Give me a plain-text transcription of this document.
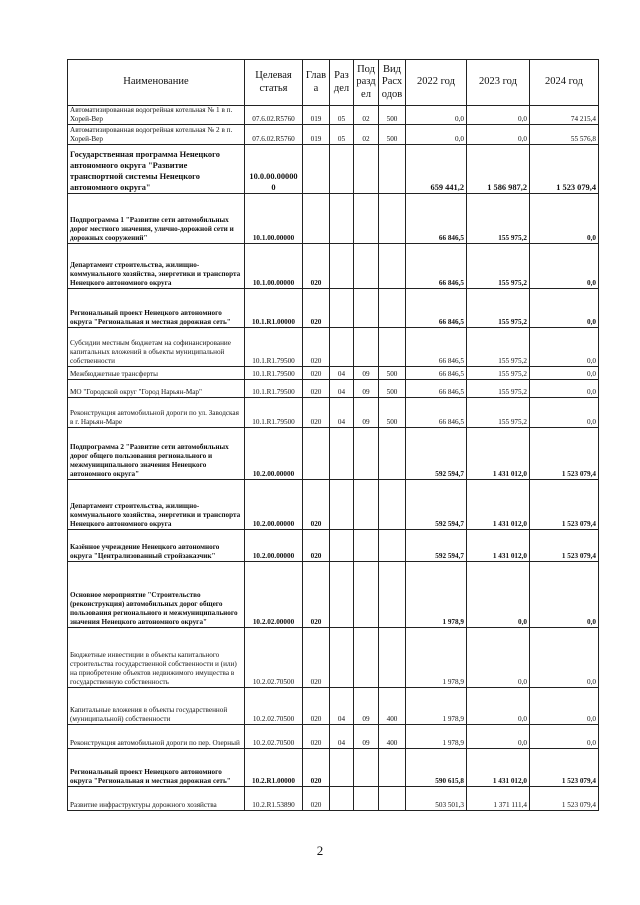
Наименование	Целевая статья	Глав а	Раз дел	Под разд ел	Вид Расх одов	2022 год	2023 год	2024 год
Автоматизированная водогрейная котельная № 1 в п. Хорей-Вер	07.6.02.R5760	019	05	02	500	0,0	0,0	74 215,4
Автоматизированная водогрейная котельная № 2 в п. Хорей-Вер	07.6.02.R5760	019	05	02	500	0,0	0,0	55 576,8
Государственная программа Ненецкого автономного округа "Развитие транспортной системы Ненецкого автономного округа"	10.0.00.00000 0					659 441,2	1 586 987,2	1 523 079,4
Подпрограмма 1 "Развитие сети автомобильных дорог местного значения, улично-дорожной сети и дорожных сооружений"	10.1.00.00000					66 846,5	155 975,2	0,0
Департамент строительства, жилищно-коммунального хозяйства, энергетики и транспорта Ненецкого автономного округа	10.1.00.00000	020				66 846,5	155 975,2	0,0
Региональный проект Ненецкого автономного округа "Региональная и местная дорожная сеть"	10.1.R1.00000	020				66 846,5	155 975,2	0,0
Субсидии местным бюджетам на софинансирование капитальных вложений в объекты муниципальной собственности	10.1.R1.79500	020				66 846,5	155 975,2	0,0
Межбюджетные трансферты	10.1.R1.79500	020	04	09	500	66 846,5	155 975,2	0,0
МО "Городской округ "Город Нарьян-Мар"	10.1.R1.79500	020	04	09	500	66 846,5	155 975,2	0,0
Реконструкция автомобильной дороги по ул. Заводская в г. Нарьян-Маре	10.1.R1.79500	020	04	09	500	66 846,5	155 975,2	0,0
Подпрограмма 2 "Развитие сети автомобильных дорог общего пользования регионального и межмуниципального значения Ненецкого автономного округа"	10.2.00.00000					592 594,7	1 431 012,0	1 523 079,4
Департамент строительства, жилищно-коммунального хозяйства, энергетики и транспорта Ненецкого автономного округа	10.2.00.00000	020				592 594,7	1 431 012,0	1 523 079,4
Казённое учреждение Ненецкого автономного округа "Централизованный стройзаказчик"	10.2.00.00000	020				592 594,7	1 431 012,0	1 523 079,4
Основное мероприятие "Строительство (реконструкция) автомобильных дорог общего пользования регионального и межмуниципального значения Ненецкого автономного округа"	10.2.02.00000	020				1 978,9	0,0	0,0
Бюджетные инвестиции в объекты капитального строительства государственной собственности и (или) на приобретение объектов недвижимого имущества в государственную собственность	10.2.02.70500	020				1 978,9	0,0	0,0
Капитальные вложения в объекты государственной (муниципальной) собственности	10.2.02.70500	020	04	09	400	1 978,9	0,0	0,0
Реконструкция автомобильной дороги по пер. Озерный	10.2.02.70500	020	04	09	400	1 978,9	0,0	0,0
Региональный проект Ненецкого автономного округа "Региональная и местная дорожная сеть"	10.2.R1.00000	020				590 615,8	1 431 012,0	1 523 079,4
Развитие инфраструктуры дорожного хозяйства	10.2.R1.53890	020				503 501,3	1 371 111,4	1 523 079,4
2
